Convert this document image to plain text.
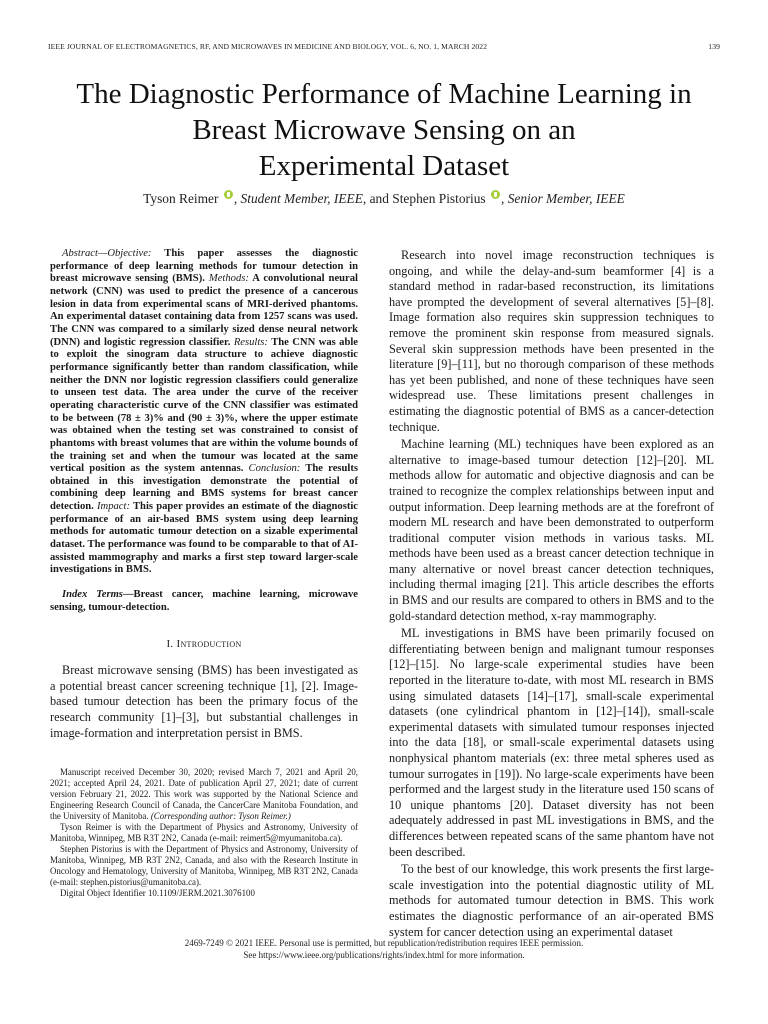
IEEE JOURNAL OF ELECTROMAGNETICS, RF, AND MICROWAVES IN MEDICINE AND BIOLOGY, VOL. 6, NO. 1, MARCH 2022	139
The Diagnostic Performance of Machine Learning in
Breast Microwave Sensing on an
Experimental Dataset
Tyson Reimer , Student Member, IEEE, and Stephen Pistorius , Senior Member, IEEE

Abstract—Objective: This paper assesses the diagnostic performance of deep learning methods for tumour detection in breast microwave sensing (BMS). Methods: A convolutional neural network (CNN) was used to predict the presence of a cancerous lesion in data from experimental scans of MRI-derived phantoms. An experimental dataset containing data from 1257 scans was used. The CNN was compared to a similarly sized dense neural network (DNN) and logistic regression classifier. Results: The CNN was able to exploit the sinogram data structure to achieve diagnostic performance significantly better than random classification, while neither the DNN nor logistic regression classifiers could generalize to unseen test data. The area under the curve of the receiver operating characteristic curve of the CNN classifier was estimated to be between (78 ± 3)% and (90 ± 3)%, where the upper estimate was obtained when the testing set was constrained to consist of phantoms with breast volumes that are within the volume bounds of the training set and when the tumour was located at the same vertical position as the system antennas. Conclusion: The results obtained in this investigation demonstrate the potential of combining deep learning and BMS systems for breast cancer detection. Impact: This paper provides an estimate of the diagnostic performance of an air-based BMS system using deep learning methods for automatic tumour detection on a sizable experimental dataset. The performance was found to be comparable to that of AI-assisted mammography and marks a first step toward larger-scale investigations in BMS.

Index Terms—Breast cancer, machine learning, microwave sensing, tumour-detection.

I. Introduction

Breast microwave sensing (BMS) has been investigated as a potential breast cancer screening technique [1], [2]. Image-based tumour detection has been the primary focus of the research community [1]–[3], but substantial challenges in image-formation and interpretation persist in BMS.

Manuscript received December 30, 2020; revised March 7, 2021 and April 20, 2021; accepted April 24, 2021. Date of publication April 27, 2021; date of current version February 21, 2022. This work was supported by the National Science and Engineering Research Council of Canada, the CancerCare Manitoba Foundation, and the University of Manitoba. (Corresponding author: Tyson Reimer.)

Tyson Reimer is with the Department of Physics and Astronomy, University of Manitoba, Winnipeg, MB R3T 2N2, Canada (e-mail: reimert5@myumanitoba.ca).

Stephen Pistorius is with the Department of Physics and Astronomy, University of Manitoba, Winnipeg, MB R3T 2N2, Canada, and also with the Research Institute in Oncology and Hematology, University of Manitoba, Winnipeg, MB R3T 2N2, Canada (e-mail: stephen.pistorius@umanitoba.ca).

Digital Object Identifier 10.1109/JERM.2021.3076100

Research into novel image reconstruction techniques is ongoing, and while the delay-and-sum beamformer [4] is a standard method in radar-based reconstruction, its limitations have prompted the development of several alternatives [5]–[8]. Image formation also requires skin suppression techniques to remove the prominent skin response from measured signals. Several skin suppression methods have been presented in the literature [9]–[11], but no thorough comparison of these methods has yet been published, and none of these techniques have seen widespread use. These limitations present challenges in estimating the diagnostic potential of BMS as a cancer-detection technique.

Machine learning (ML) techniques have been explored as an alternative to image-based tumour detection [12]–[20]. ML methods allow for automatic and objective diagnosis and can be trained to recognize the complex relationships between input and output information. Deep learning methods are at the forefront of modern ML research and have been demonstrated to outperform traditional computer vision methods in various tasks. ML methods have been used as a breast cancer detection technique in many alternative or novel breast cancer detection techniques, including thermal imaging [21]. This article describes the efforts in BMS and our results are compared to others in BMS and to the gold-standard detection method, x-ray mammography.

ML investigations in BMS have been primarily focused on differentiating between benign and malignant tumour responses [12]–[15]. No large-scale experimental studies have been reported in the literature to-date, with most ML research in BMS using simulated datasets [14]–[17], small-scale experimental datasets (one cylindrical phantom in [12]–[14]), small-scale experimental datasets with simulated tumour responses injected into the data [18], or small-scale experimental datasets using nonphysical phantom materials (ex: three metal spheres used as tumour surrogates in [19]). No large-scale experiments have been performed and the largest study in the literature used 150 scans of 10 unique phantoms [20]. Dataset diversity has not been adequately addressed in past ML investigations in BMS, and the differences between repeated scans of the same phantom have not been described.

To the best of our knowledge, this work presents the first large-scale investigation into the potential diagnostic utility of ML methods for automated tumour detection in BMS. This work estimates the diagnostic performance of an air-operated BMS system for cancer detection using an experimental dataset

2469-7249 © 2021 IEEE. Personal use is permitted, but republication/redistribution requires IEEE permission.
See https://www.ieee.org/publications/rights/index.html for more information.
